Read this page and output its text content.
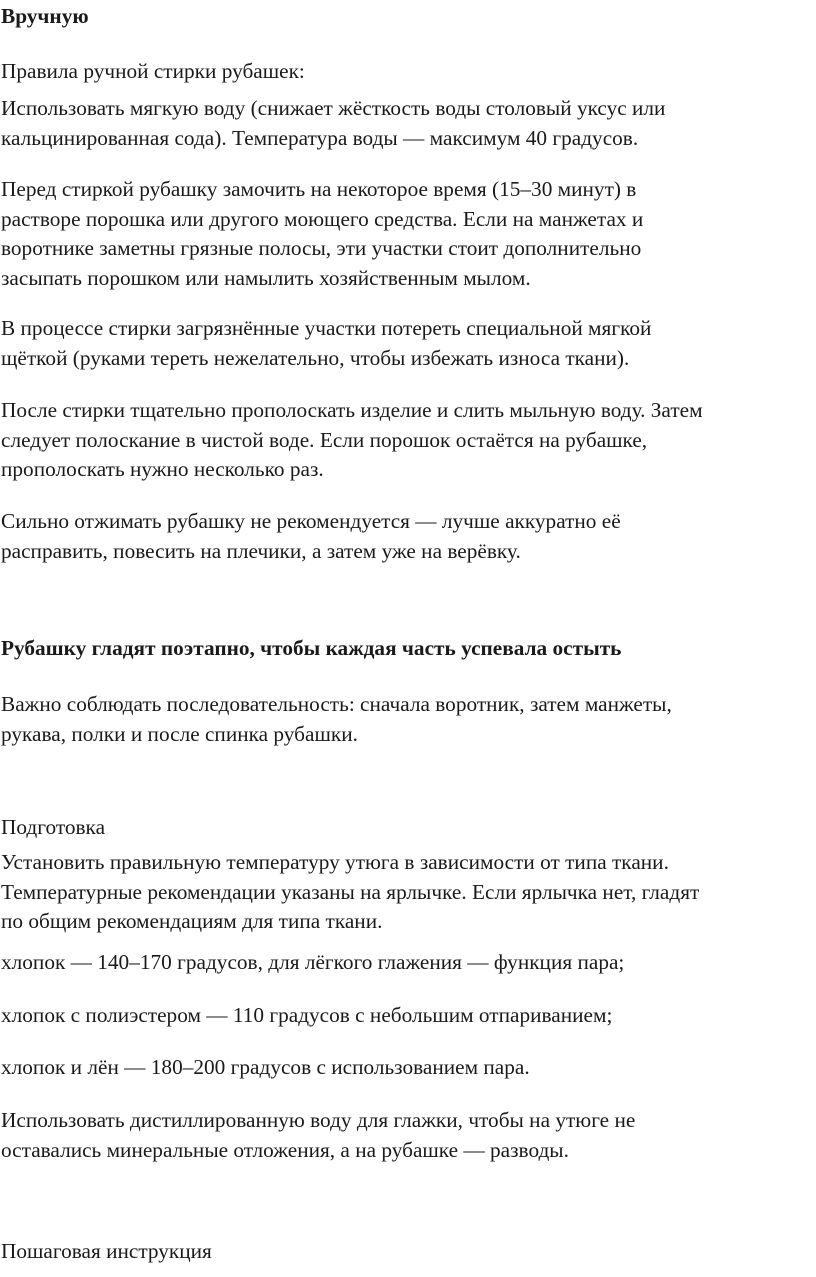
Вручную

Правила ручной стирки рубашек:

Использовать мягкую воду (снижает жёсткость воды столовый уксус или
кальцинированная сода). Температура воды — максимум 40 градусов.

Перед стиркой рубашку замочить на некоторое время (15–30 минут) в
растворе порошка или другого моющего средства. Если на манжетах и
воротнике заметны грязные полосы, эти участки стоит дополнительно
засыпать порошком или намылить хозяйственным мылом.

В процессе стирки загрязнённые участки потереть специальной мягкой
щёткой (руками тереть нежелательно, чтобы избежать износа ткани).

После стирки тщательно прополоскать изделие и слить мыльную воду. Затем
следует полоскание в чистой воде. Если порошок остаётся на рубашке,
прополоскать нужно несколько раз.

Сильно отжимать рубашку не рекомендуется — лучше аккуратно её
расправить, повесить на плечики, а затем уже на верёвку.

Рубашку гладят поэтапно, чтобы каждая часть успевала остыть

Важно соблюдать последовательность: сначала воротник, затем манжеты,
рукава, полки и после спинка рубашки.

Подготовка

Установить правильную температуру утюга в зависимости от типа ткани.
Температурные рекомендации указаны на ярлычке. Если ярлычка нет, гладят
по общим рекомендациям для типа ткани.

хлопок — 140–170 градусов, для лёгкого глажения — функция пара;

хлопок с полиэстером — 110 градусов с небольшим отпариванием;

хлопок и лён — 180–200 градусов с использованием пара.

Использовать дистиллированную воду для глажки, чтобы на утюге не
оставались минеральные отложения, а на рубашке — разводы.

Пошаговая инструкция
